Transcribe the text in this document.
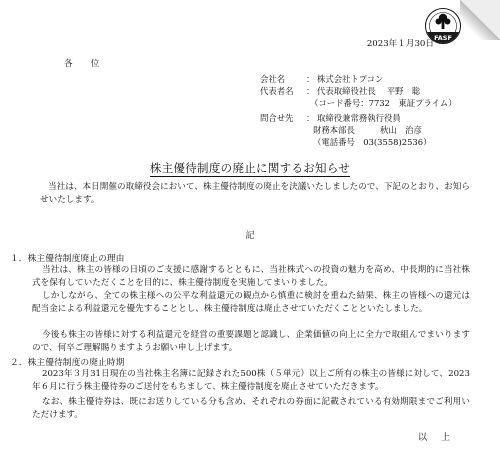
FASF
2023年１月30日
各位
会社名 ： 株式会社トプコン
代表者名 ： 代表取締役社長　 平野　聡
（コード番号：7732　東証プライム）
問合せ先 ： 取締役兼常務執行役員
財務本部長　　　秋山　治彦
（電話番号　03(3558)2536）
株主優待制度の廃止に関するお知らせ
当社は、本日開催の取締役会において、株主優待制度の廃止を決議いたしましたので、下記のとおり、お知らせいたします。
記
１．株主優待制度廃止の理由
当社は、株主の皆様の日頃のご支援に感謝するとともに、当社株式への投資の魅力を高め、中長期的に当社株式を保有していただくことを目的に、株主優待制度を実施してまいりました。
しかしながら、全ての株主様への公平な利益還元の観点から慎重に検討を重ねた結果、株主の皆様への還元は配当金による利益還元を優先することとし、株主優待制度は廃止させていただくことといたしました。
今後も株主の皆様に対する利益還元を経営の重要課題と認識し、企業価値の向上に全力で取組んでまいりますので、何卒ご理解賜りますようお願い申し上げます。
２．株主優待制度の廃止時期
2023年３月31日現在の当社株主名簿に記録された500株（５単元）以上ご所有の株主の皆様に対して、2023年６月に行う株主優待券のご送付をもちまして、株主優待制度を廃止させていただきます。
なお、株主優待券は、既にお送りしている分も含め、それぞれの券面に記載されている有効期限までご利用いただけます。
以上
